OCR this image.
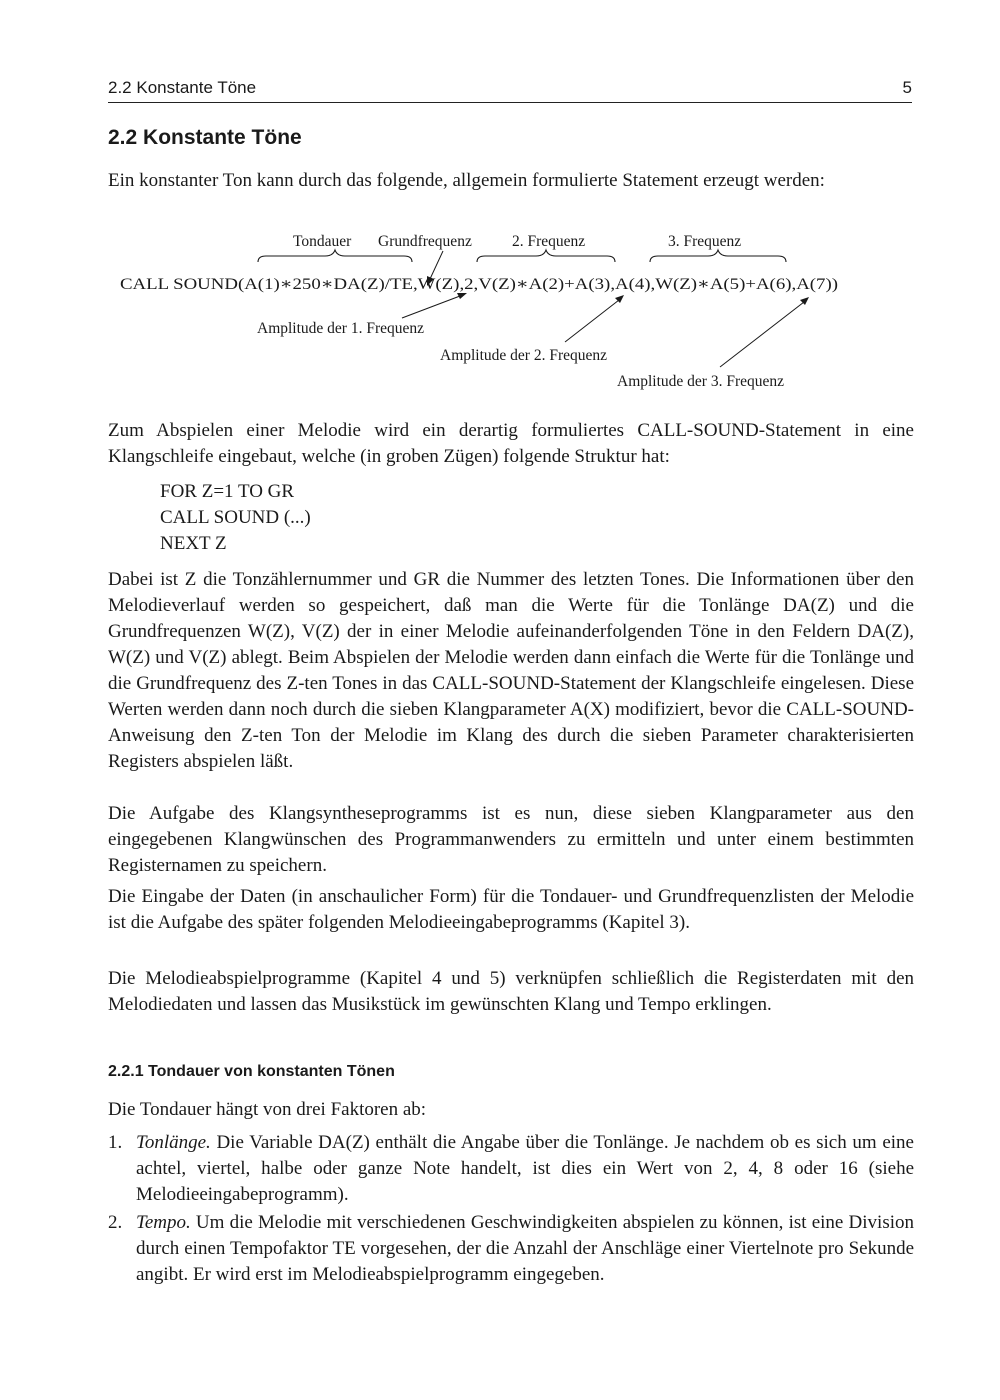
2.2 Konstante Töne	5
2.2 Konstante Töne

Ein konstanter Ton kann durch das folgende, allgemein formulierte Statement erzeugt werden:

Tondauer Grundfrequenz	2. Frequenz	3. Frequenz
CALL SOUND(A(1)∗250∗DA(Z)/TE,W(Z),2,V(Z)∗A(2)+A(3),A(4),W(Z)∗A(5)+A(6),A(7))
Amplitude der 1. Frequenz
Amplitude der 2. Frequenz
Amplitude der 3. Frequenz

Zum Abspielen einer Melodie wird ein derartig formuliertes CALL-SOUND-Statement in eine Klangschleife eingebaut, welche (in groben Zügen) folgende Struktur hat:

FOR Z=1 TO GR

CALL SOUND (...)

NEXT Z

Dabei ist Z die Tonzählernummer und GR die Nummer des letzten Tones. Die Informationen über den Melodieverlauf werden so gespeichert, daß man die Werte für die Tonlänge DA(Z) und die Grundfrequenzen W(Z), V(Z) der in einer Melodie aufeinanderfolgenden Töne in den Feldern DA(Z), W(Z) und V(Z) ablegt. Beim Abspielen der Melodie werden dann einfach die Werte für die Tonlänge und die Grundfrequenz des Z-ten Tones in das CALL-SOUND-Statement der Klangschleife eingelesen. Diese Werten werden dann noch durch die sieben Klangparameter A(X) modifiziert, bevor die CALL-SOUND-Anweisung den Z-ten Ton der Melodie im Klang des durch die sieben Parameter charakterisierten Registers abspielen läßt.

Die Aufgabe des Klangsyntheseprogramms ist es nun, diese sieben Klangparameter aus den eingegebenen Klangwünschen des Programmanwenders zu ermitteln und unter einem bestimmten Registernamen zu speichern.

Die Eingabe der Daten (in anschaulicher Form) für die Tondauer- und Grundfrequenzlisten der Melodie ist die Aufgabe des später folgenden Melodieeingabeprogramms (Kapitel 3).

Die Melodieabspielprogramme (Kapitel 4 und 5) verknüpfen schließlich die Registerdaten mit den Melodiedaten und lassen das Musikstück im gewünschten Klang und Tempo erklingen.

2.2.1 Tondauer von konstanten Tönen

Die Tondauer hängt von drei Faktoren ab:

1. Tonlänge. Die Variable DA(Z) enthält die Angabe über die Tonlänge. Je nachdem ob es sich um eine achtel, viertel, halbe oder ganze Note handelt, ist dies ein Wert von 2, 4, 8 oder 16 (siehe Melodieeingabeprogramm).
2. Tempo. Um die Melodie mit verschiedenen Geschwindigkeiten abspielen zu können, ist eine Division durch einen Tempofaktor TE vorgesehen, der die Anzahl der Anschläge einer Viertelnote pro Sekunde angibt. Er wird erst im Melodieabspielprogramm eingegeben.
